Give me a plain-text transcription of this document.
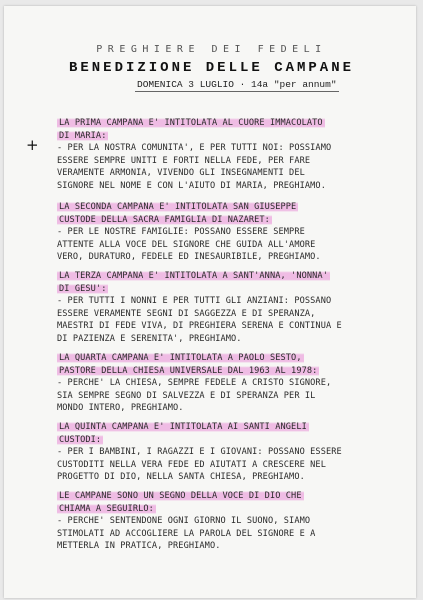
PREGHIERE DEI FEDELI
BENEDIZIONE DELLE CAMPANE
DOMENICA 3 LUGLIO · 14a "per annum"
+
LA PRIMA CAMPANA E' INTITOLATA AL CUORE IMMACOLATO
DI MARIA:
- PER LA NOSTRA COMUNITA', E PER TUTTI NOI: POSSIAMO
ESSERE SEMPRE UNITI E FORTI NELLA FEDE, PER FARE
VERAMENTE ARMONIA, VIVENDO GLI INSEGNAMENTI DEL
SIGNORE NEL NOME E CON L'AIUTO DI MARIA, PREGHIAMO.
LA SECONDA CAMPANA E' INTITOLATA SAN GIUSEPPE
CUSTODE DELLA SACRA FAMIGLIA DI NAZARET:
- PER LE NOSTRE FAMIGLIE: POSSANO ESSERE SEMPRE
ATTENTE ALLA VOCE DEL SIGNORE CHE GUIDA ALL'AMORE
VERO, DURATURO, FEDELE ED INESAURIBILE, PREGHIAMO.
LA TERZA CAMPANA E' INTITOLATA A SANT'ANNA, 'NONNA'
DI GESU':
- PER TUTTI I NONNI E PER TUTTI GLI ANZIANI: POSSANO
ESSERE VERAMENTE SEGNI DI SAGGEZZA E DI SPERANZA,
MAESTRI DI FEDE VIVA, DI PREGHIERA SERENA E CONTINUA E
DI PAZIENZA E SERENITA', PREGHIAMO.
LA QUARTA CAMPANA E' INTITOLATA A PAOLO SESTO,
PASTORE DELLA CHIESA UNIVERSALE DAL 1963 AL 1978:
- PERCHE' LA CHIESA, SEMPRE FEDELE A CRISTO SIGNORE,
SIA SEMPRE SEGNO DI SALVEZZA E DI SPERANZA PER IL
MONDO INTERO, PREGHIAMO.
LA QUINTA CAMPANA E' INTITOLATA AI SANTI ANGELI
CUSTODI:
- PER I BAMBINI, I RAGAZZI E I GIOVANI: POSSANO ESSERE
CUSTODITI NELLA VERA FEDE ED AIUTATI A CRESCERE NEL
PROGETTO DI DIO, NELLA SANTA CHIESA, PREGHIAMO.
LE CAMPANE SONO UN SEGNO DELLA VOCE DI DIO CHE
CHIAMA A SEGUIRLO:
- PERCHE' SENTENDONE OGNI GIORNO IL SUONO, SIAMO
STIMOLATI AD ACCOGLIERE LA PAROLA DEL SIGNORE E A
METTERLA IN PRATICA, PREGHIAMO.
